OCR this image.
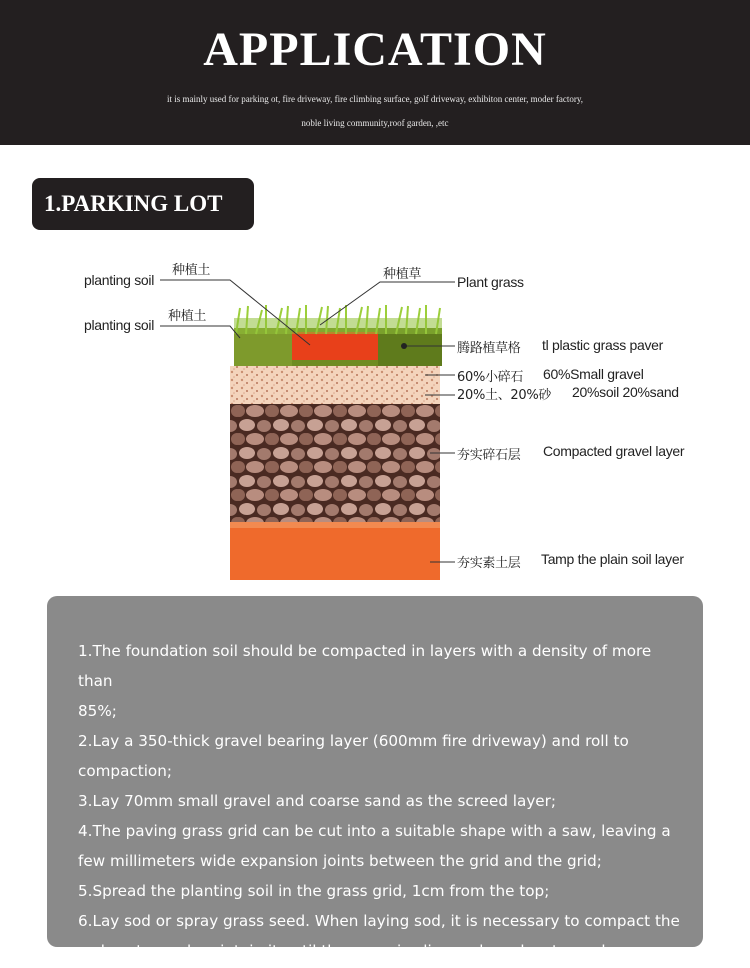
APPLICATION
it is mainly used for parking ot, fire driveway, fire climbing surface, golf driveway, exhibiton center, moder factory,
noble living community,roof garden, ,etc
1.PARKING LOT
种植土
planting soil
种植土
planting soil
种植草	Plant grass
腾路植草格 tl plastic grass paver
60%小碎石 60%Small gravel
20%土、20%砂 20%soil 20%sand
夯实碎石层 Compacted gravel layer
夯实素土层 Tamp the plain soil layer

1.The foundation soil should be compacted in layers with a density of more than

85%;

2.Lay a 350-thick gravel bearing layer (600mm fire driveway) and roll to

compaction;

3.Lay 70mm small gravel and coarse sand as the screed layer;

4.The paving grass grid can be cut into a suitable shape with a saw, leaving a

few millimeters wide expansion joints between the grid and the grid;

5.Spread the planting soil in the grass grid, 1cm from the top;

6.Lay sod or spray grass seed. When laying sod, it is necessary to compact the

sod, water and maintain it until the grass is alive and can be stopped.
